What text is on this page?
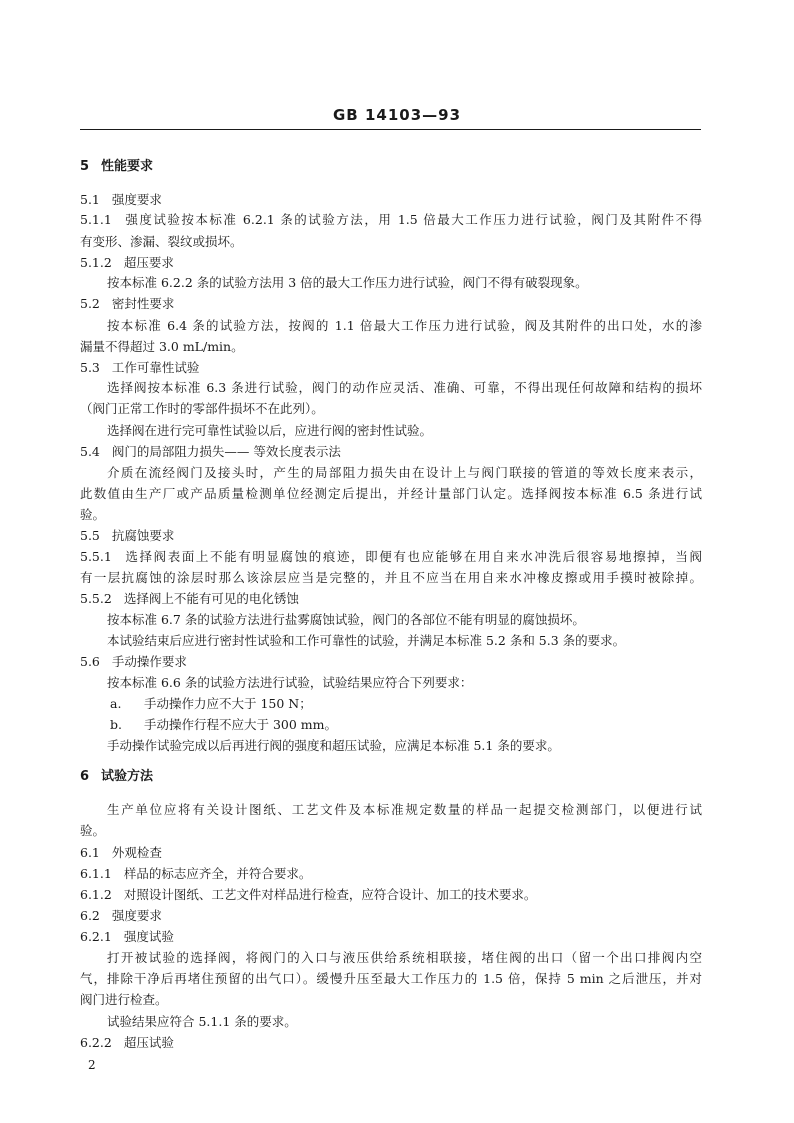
GB 14103—93
5 性能要求
5.1 强度要求
5.1.1 强度试验按本标准 6.2.1 条的试验方法，用 1.5 倍最大工作压力进行试验，阀门及其附件不得
有变形、渗漏、裂纹或损坏。
5.1.2 超压要求
按本标准 6.2.2 条的试验方法用 3 倍的最大工作压力进行试验，阀门不得有破裂现象。
5.2 密封性要求
按本标准 6.4 条的试验方法，按阀的 1.1 倍最大工作压力进行试验，阀及其附件的出口处，水的渗
漏量不得超过 3.0 mL/min。
5.3 工作可靠性试验
选择阀按本标准 6.3 条进行试验，阀门的动作应灵活、准确、可靠，不得出现任何故障和结构的损坏
（阀门正常工作时的零部件损坏不在此列）。
选择阀在进行完可靠性试验以后，应进行阀的密封性试验。
5.4 阀门的局部阻力损失—— 等效长度表示法
介质在流经阀门及接头时，产生的局部阻力损失由在设计上与阀门联接的管道的等效长度来表示，
此数值由生产厂或产品质量检测单位经测定后提出，并经计量部门认定。选择阀按本标准 6.5 条进行试
验。
5.5 抗腐蚀要求
5.5.1 选择阀表面上不能有明显腐蚀的痕迹，即便有也应能够在用自来水冲洗后很容易地擦掉，当阀
有一层抗腐蚀的涂层时那么该涂层应当是完整的，并且不应当在用自来水冲橡皮擦或用手摸时被除掉。
5.5.2 选择阀上不能有可见的电化锈蚀
按本标准 6.7 条的试验方法进行盐雾腐蚀试验，阀门的各部位不能有明显的腐蚀损坏。
本试验结束后应进行密封性试验和工作可靠性的试验，并满足本标准 5.2 条和 5.3 条的要求。
5.6 手动操作要求
按本标准 6.6 条的试验方法进行试验，试验结果应符合下列要求：
a. 手动操作力应不大于 150 N；
b. 手动操作行程不应大于 300 mm。
手动操作试验完成以后再进行阀的强度和超压试验，应满足本标准 5.1 条的要求。
6 试验方法
生产单位应将有关设计图纸、工艺文件及本标准规定数量的样品一起提交检测部门，以便进行试
验。
6.1 外观检查
6.1.1 样品的标志应齐全，并符合要求。
6.1.2 对照设计图纸、工艺文件对样品进行检查，应符合设计、加工的技术要求。
6.2 强度要求
6.2.1 强度试验
打开被试验的选择阀，将阀门的入口与液压供给系统相联接，堵住阀的出口（留一个出口排阀内空
气，排除干净后再堵住预留的出气口）。缓慢升压至最大工作压力的 1.5 倍，保持 5 min 之后泄压，并对
阀门进行检查。
试验结果应符合 5.1.1 条的要求。
6.2.2 超压试验
2
